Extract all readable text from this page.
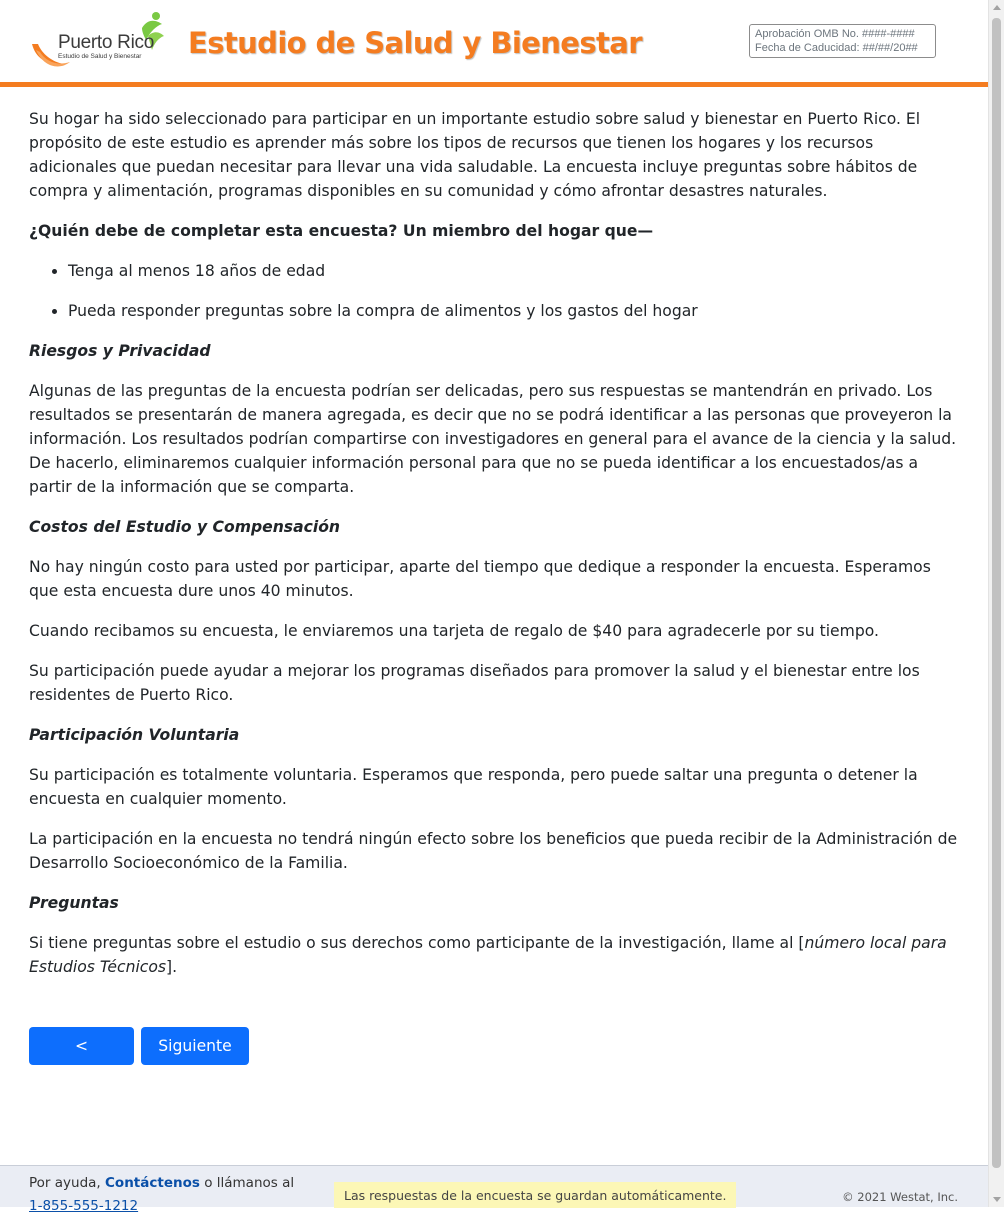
Puerto Rico
Estudio de Salud y Bienestar Estudio de Salud y Bienestar	Aprobación OMB No. ####-####
Fecha de Caducidad: ##/##/20##

Su hogar ha sido seleccionado para participar en un importante estudio sobre salud y bienestar en Puerto Rico. El propósito de este estudio es aprender más sobre los tipos de recursos que tienen los hogares y los recursos adicionales que puedan necesitar para llevar una vida saludable. La encuesta incluye preguntas sobre hábitos de compra y alimentación, programas disponibles en su comunidad y cómo afrontar desastres naturales.

¿Quién debe de completar esta encuesta? Un miembro del hogar que—

• Tenga al menos 18 años de edad
• Pueda responder preguntas sobre la compra de alimentos y los gastos del hogar

Riesgos y Privacidad

Algunas de las preguntas de la encuesta podrían ser delicadas, pero sus respuestas se mantendrán en privado. Los resultados se presentarán de manera agregada, es decir que no se podrá identificar a las personas que proveyeron la información. Los resultados podrían compartirse con investigadores en general para el avance de la ciencia y la salud. De hacerlo, eliminaremos cualquier información personal para que no se pueda identificar a los encuestados/as a partir de la información que se comparta.

Costos del Estudio y Compensación

No hay ningún costo para usted por participar, aparte del tiempo que dedique a responder la encuesta. Esperamos que esta encuesta dure unos 40 minutos.

Cuando recibamos su encuesta, le enviaremos una tarjeta de regalo de $40 para agradecerle por su tiempo.

Su participación puede ayudar a mejorar los programas diseñados para promover la salud y el bienestar entre los residentes de Puerto Rico.

Participación Voluntaria

Su participación es totalmente voluntaria. Esperamos que responda, pero puede saltar una pregunta o detener la encuesta en cualquier momento.

La participación en la encuesta no tendrá ningún efecto sobre los beneficios que pueda recibir de la Administración de Desarrollo Socioeconómico de la Familia.

Preguntas

Si tiene preguntas sobre el estudio o sus derechos como participante de la investigación, llame al [número local para Estudios Técnicos].

< Regresar
Siguiente >
Por ayuda, Contáctenos o llámanos al
1-855-555-1212
Las respuestas de la encuesta se guardan automáticamente.	© 2021 Westat, Inc.
